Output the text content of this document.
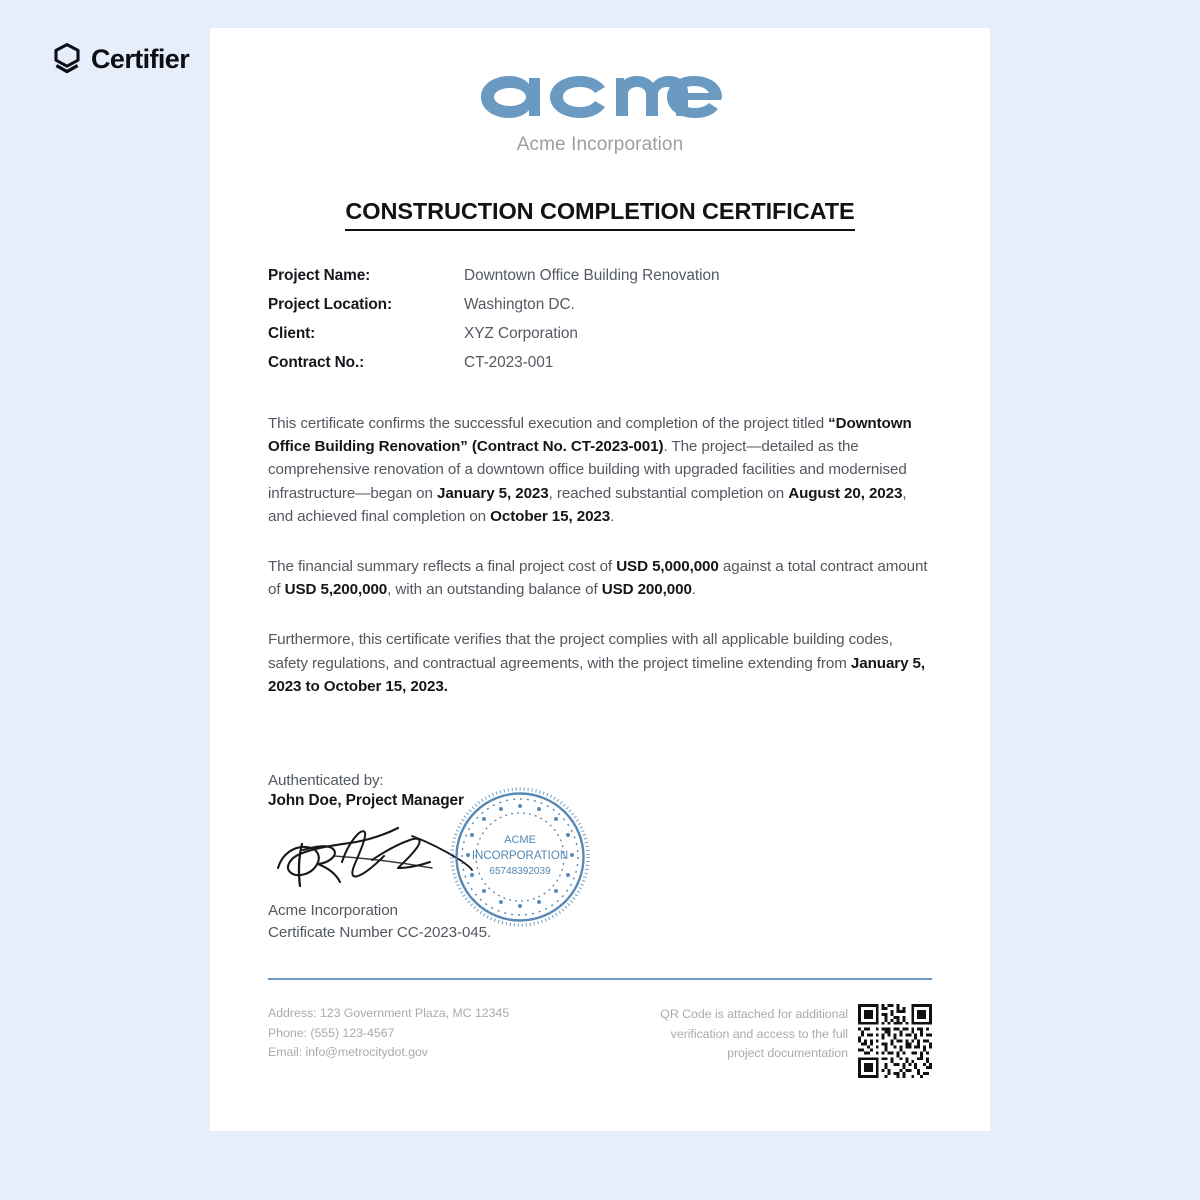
Certifier
Acme Incorporation
CONSTRUCTION COMPLETION CERTIFICATE
Project Name:	Downtown Office Building Renovation
Project Location:	Washington DC.
Client:	XYZ Corporation
Contract No.:	CT-2023-001

This certificate confirms the successful execution and completion of the project titled “Downtown Office Building Renovation” (Contract No. CT-2023-001). The project—detailed as the comprehensive renovation of a downtown office building with upgraded facilities and modernised infrastructure—began on January 5, 2023, reached substantial completion on August 20, 2023, and achieved final completion on October 15, 2023.

The financial summary reflects a final project cost of USD 5,000,000 against a total contract amount of USD 5,200,000, with an outstanding balance of USD 200,000.

Furthermore, this certificate verifies that the project complies with all applicable building codes, safety regulations, and contractual agreements, with the project timeline extending from January 5, 2023 to October 15, 2023.

Authenticated by:
John Doe, Project Manager
ACME
INCORPORATION
65748392039
Acme Incorporation
Certificate Number CC-2023-045.
Address: 123 Government Plaza, MC 12345
Phone: (555) 123-4567
Email: info@metrocitydot.gov
QR Code is attached for additional verification and access to the full project documentation
